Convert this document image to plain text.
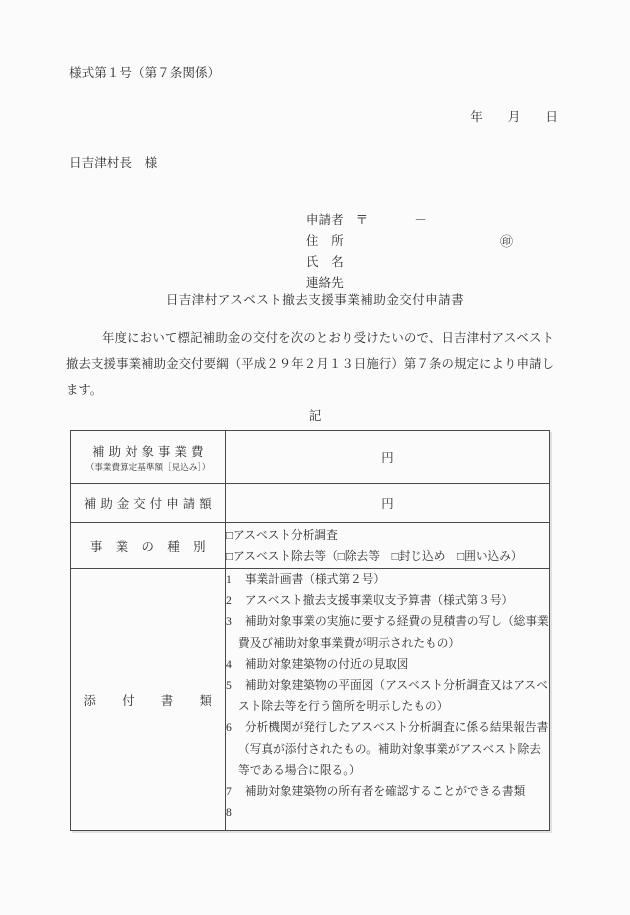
様式第１号（第７条関係）
年 月 日
日吉津村長　様

申請者 〒	－

住　所

氏　名

㊞

連絡先

日吉津村アスベスト撤去支援事業補助金交付申請書
年度において標記補助金の交付を次のとおり受けたいので、日吉津村アスベスト撤去支援事業補助金交付要綱（平成２９年２月１３日施行）第７条の規定により申請します。
記
補 助 対 象 事 業 費
（事業費算定基準額［見込み］）	円

補 助 金 交 付 申 請 額	円

事　業　の　種　別	□アスベスト分析調査
□アスベスト除去等（□除去等　□封じ込め　□囲い込み）

添　　付　　書　　類

1 事業計画書（様式第２号）
2 アスベスト撤去支援事業収支予算書（様式第３号）
3 補助対象事業の実施に要する経費の見積書の写し（総事業費及び補助対象事業費が明示されたもの）
4 補助対象建築物の付近の見取図
5 補助対象建築物の平面図（アスベスト分析調査又はアスベスト除去等を行う箇所を明示したもの）
6 分析機関が発行したアスベスト分析調査に係る結果報告書（写真が添付されたもの。補助対象事業がアスベスト除去等である場合に限る。）
7 補助対象建築物の所有者を確認することができる書類
8
